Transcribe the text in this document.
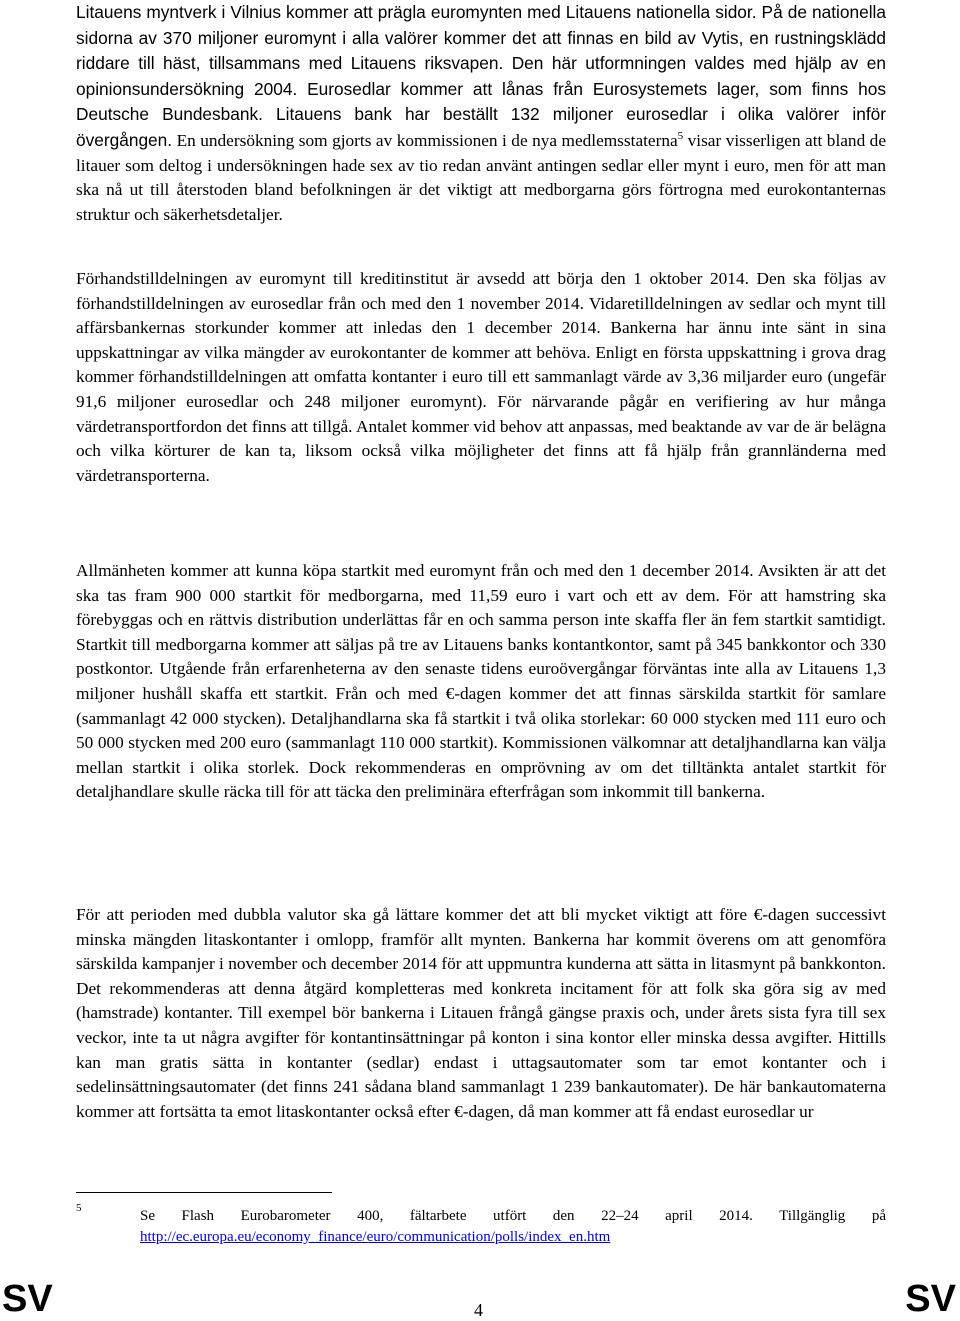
Litauens myntverk i Vilnius kommer att prägla euromynten med Litauens nationella sidor. På de nationella sidorna av 370 miljoner euromynt i alla valörer kommer det att finnas en bild av Vytis, en rustningsklädd riddare till häst, tillsammans med Litauens riksvapen. Den här utformningen valdes med hjälp av en opinionsundersökning 2004. Eurosedlar kommer att lånas från Eurosystemets lager, som finns hos Deutsche Bundesbank. Litauens bank har beställt 132 miljoner eurosedlar i olika valörer inför övergången. En undersökning som gjorts av kommissionen i de nya medlemsstaterna$^5$ visar visserligen att bland de litauer som deltog i undersökningen hade sex av tio redan använt antingen sedlar eller mynt i euro, men för att man ska nå ut till återstoden bland befolkningen är det viktigt att medborgarna görs förtrogna med eurokontanternas struktur och säkerhetsdetaljer.

Förhandstilldelningen av euromynt till kreditinstitut är avsedd att börja den 1 oktober 2014. Den ska följas av förhandstilldelningen av eurosedlar från och med den 1 november 2014. Vidaretilldelningen av sedlar och mynt till affärsbankernas storkunder kommer att inledas den 1 december 2014. Bankerna har ännu inte sänt in sina uppskattningar av vilka mängder av eurokontanter de kommer att behöva. Enligt en första uppskattning i grova drag kommer förhandstilldelningen att omfatta kontanter i euro till ett sammanlagt värde av 3,36 miljarder euro (ungefär 91,6 miljoner eurosedlar och 248 miljoner euromynt). För närvarande pågår en verifiering av hur många värdetransportfordon det finns att tillgå. Antalet kommer vid behov att anpassas, med beaktande av var de är belägna och vilka körturer de kan ta, liksom också vilka möjligheter det finns att få hjälp från grannländerna med värdetransporterna.

Allmänheten kommer att kunna köpa startkit med euromynt från och med den 1 december 2014. Avsikten är att det ska tas fram 900 000 startkit för medborgarna, med 11,59 euro i vart och ett av dem. För att hamstring ska förebyggas och en rättvis distribution underlättas får en och samma person inte skaffa fler än fem startkit samtidigt. Startkit till medborgarna kommer att säljas på tre av Litauens banks kontantkontor, samt på 345 bankkontor och 330 postkontor. Utgående från erfarenheterna av den senaste tidens euroövergångar förväntas inte alla av Litauens 1,3 miljoner hushåll skaffa ett startkit. Från och med €-dagen kommer det att finnas särskilda startkit för samlare (sammanlagt 42 000 stycken). Detaljhandlarna ska få startkit i två olika storlekar: 60 000 stycken med 111 euro och 50 000 stycken med 200 euro (sammanlagt 110 000 startkit). Kommissionen välkomnar att detaljhandlarna kan välja mellan startkit i olika storlek. Dock rekommenderas en omprövning av om det tilltänkta antalet startkit för detaljhandlare skulle räcka till för att täcka den preliminära efterfrågan som inkommit till bankerna.

För att perioden med dubbla valutor ska gå lättare kommer det att bli mycket viktigt att före €-dagen successivt minska mängden litaskontanter i omlopp, framför allt mynten. Bankerna har kommit överens om att genomföra särskilda kampanjer i november och december 2014 för att uppmuntra kunderna att sätta in litasmynt på bankkonton. Det rekommenderas att denna åtgärd kompletteras med konkreta incitament för att folk ska göra sig av med (hamstrade) kontanter. Till exempel bör bankerna i Litauen frångå gängse praxis och, under årets sista fyra till sex veckor, inte ta ut några avgifter för kontantinsättningar på konton i sina kontor eller minska dessa avgifter. Hittills kan man gratis sätta in kontanter (sedlar) endast i uttagsautomater som tar emot kontanter och i sedelinsättningsautomater (det finns 241 sådana bland sammanlagt 1 239 bankautomater). De här bankautomaterna kommer att fortsätta ta emot litaskontanter också efter €-dagen, då man kommer att få endast eurosedlar ur

5	Se Flash Eurobarometer 400, fältarbete utfört den 22–24 april 2014. Tillgänglig på http://ec.europa.eu/economy_finance/euro/communication/polls/index_en.htm
SV	4	SV
